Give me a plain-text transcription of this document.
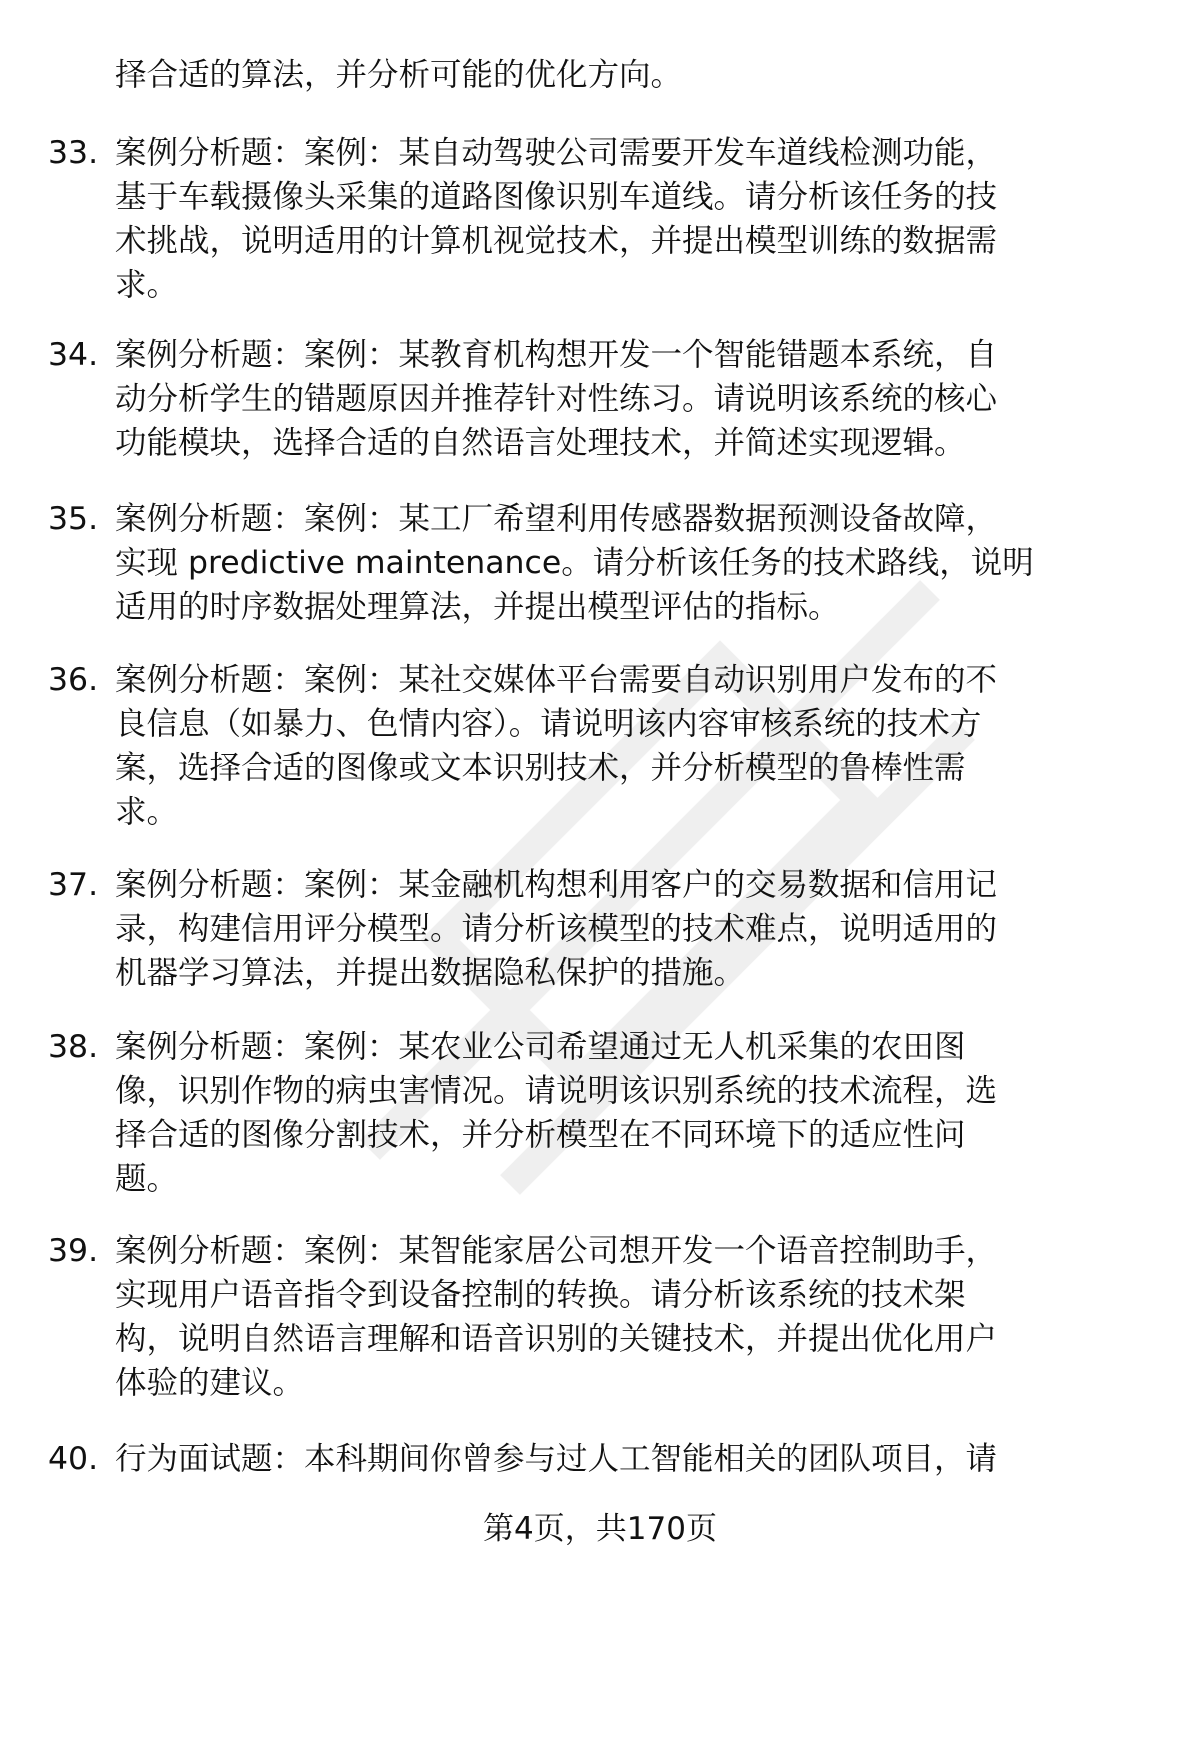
择合适的算法，并分析可能的优化方向。
33. 案例分析题：案例：某自动驾驶公司需要开发车道线检测功能，
基于车载摄像头采集的道路图像识别车道线。请分析该任务的技
术挑战，说明适用的计算机视觉技术，并提出模型训练的数据需
求。
34. 案例分析题：案例：某教育机构想开发一个智能错题本系统，自
动分析学生的错题原因并推荐针对性练习。请说明该系统的核心
功能模块，选择合适的自然语言处理技术，并简述实现逻辑。
35. 案例分析题：案例：某工厂希望利用传感器数据预测设备故障，
实现 predictive maintenance。请分析该任务的技术路线，说明
适用的时序数据处理算法，并提出模型评估的指标。
36. 案例分析题：案例：某社交媒体平台需要自动识别用户发布的不
良信息（如暴力、色情内容）。请说明该内容审核系统的技术方
案，选择合适的图像或文本识别技术，并分析模型的鲁棒性需
求。
37. 案例分析题：案例：某金融机构想利用客户的交易数据和信用记
录，构建信用评分模型。请分析该模型的技术难点，说明适用的
机器学习算法，并提出数据隐私保护的措施。
38. 案例分析题：案例：某农业公司希望通过无人机采集的农田图
像，识别作物的病虫害情况。请说明该识别系统的技术流程，选
择合适的图像分割技术，并分析模型在不同环境下的适应性问
题。
39. 案例分析题：案例：某智能家居公司想开发一个语音控制助手，
实现用户语音指令到设备控制的转换。请分析该系统的技术架
构，说明自然语言理解和语音识别的关键技术，并提出优化用户
体验的建议。
40. 行为面试题：本科期间你曾参与过人工智能相关的团队项目，请
第4页，共170页
